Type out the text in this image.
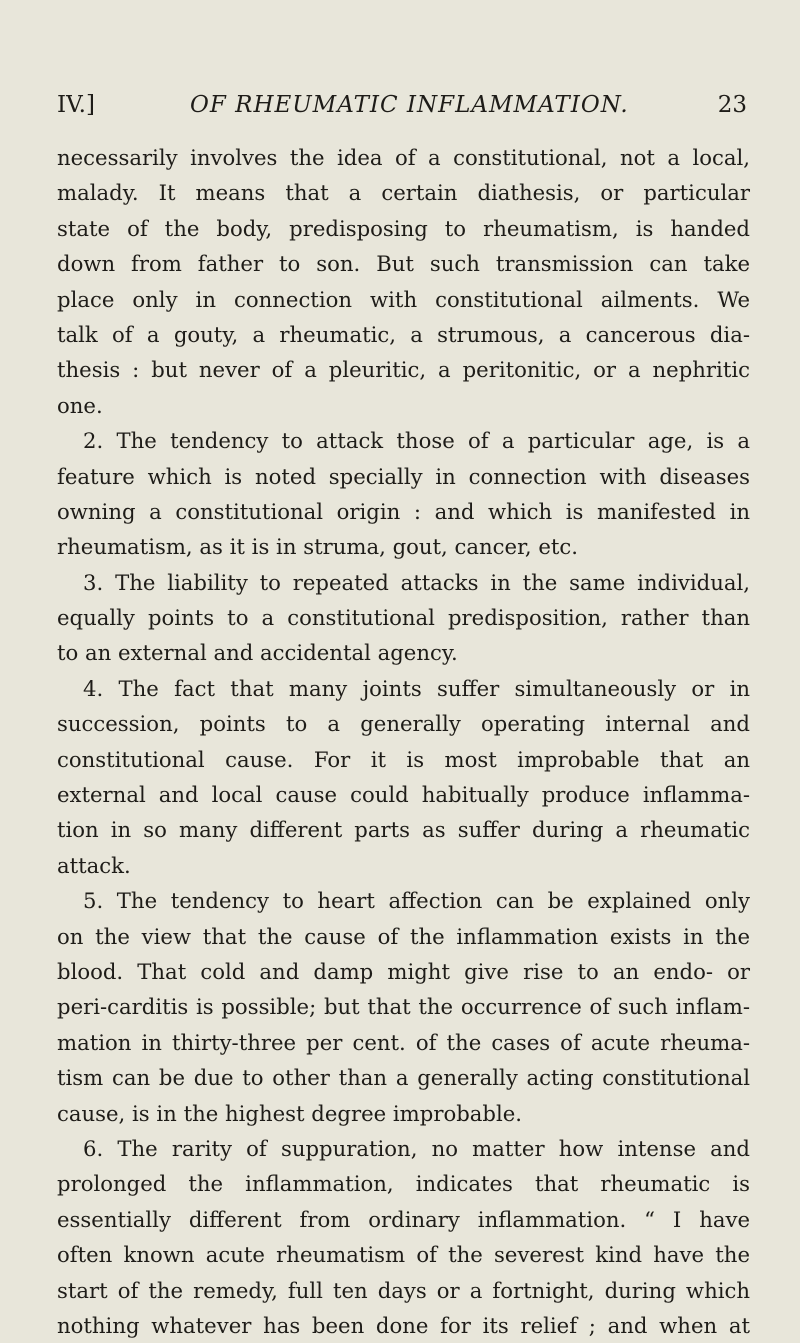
IV.]	OF RHEUMATIC INFLAMMATION.	23
necessarily involves the idea of a constitutional, not a local,
malady. It means that a certain diathesis, or particular
state of the body, predisposing to rheumatism, is handed
down from father to son. But such transmission can take
place only in connection with constitutional ailments. We
talk of a gouty, a rheumatic, a strumous, a cancerous dia-
thesis : but never of a pleuritic, a peritonitic, or a nephritic
one.
2. The tendency to attack those of a particular age, is a
feature which is noted specially in connection with diseases
owning a constitutional origin : and which is manifested in
rheumatism, as it is in struma, gout, cancer, etc.
3. The liability to repeated attacks in the same individual,
equally points to a constitutional predisposition, rather than
to an external and accidental agency.
4. The fact that many joints suffer simultaneously or in
succession, points to a generally operating internal and
constitutional cause. For it is most improbable that an
external and local cause could habitually produce inflamma-
tion in so many different parts as suffer during a rheumatic
attack.
5. The tendency to heart affection can be explained only
on the view that the cause of the inflammation exists in the
blood. That cold and damp might give rise to an endo- or
peri-carditis is possible; but that the occurrence of such inflam-
mation in thirty-three per cent. of the cases of acute rheuma-
tism can be due to other than a generally acting constitutional
cause, is in the highest degree improbable.
6. The rarity of suppuration, no matter how intense and
prolonged the inflammation, indicates that rheumatic is
essentially different from ordinary inflammation. “ I have
often known acute rheumatism of the severest kind have the
start of the remedy, full ten days or a fortnight, during which
nothing whatever has been done for its relief ; and when at
